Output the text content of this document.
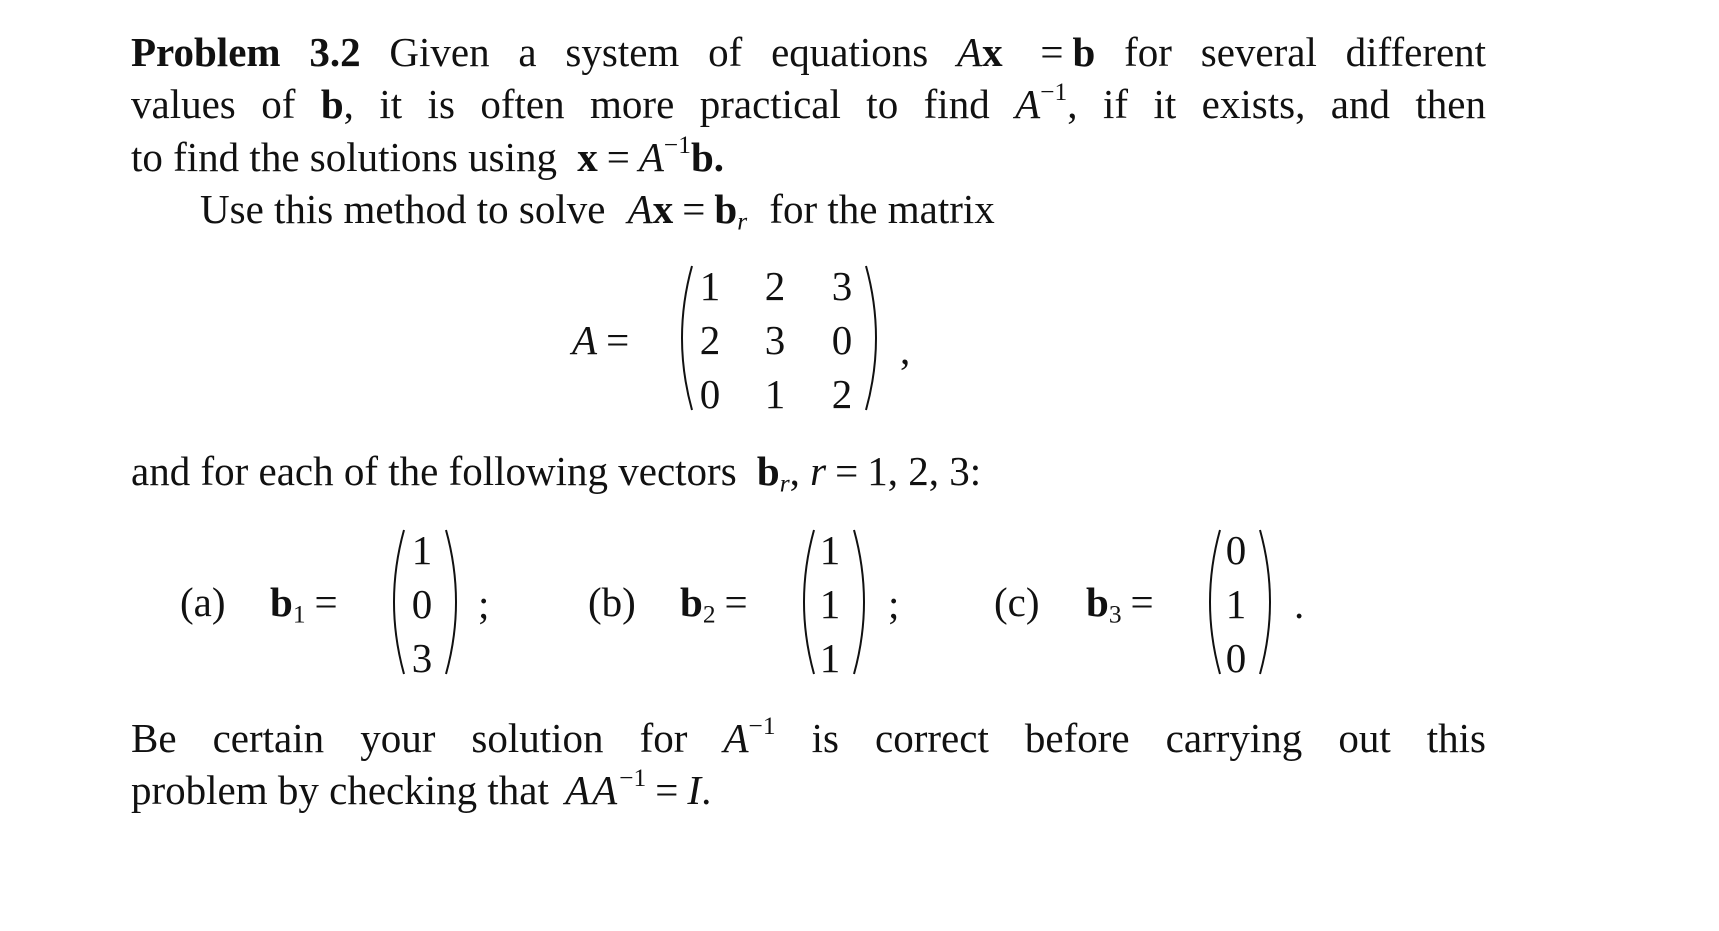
Problem 3.2 Given a system of equations Ax = b for several different
values of b, it is often more practical to find $A^{-1}$, if it exists, and then
to find the solutions using $x = A^{-1}b$.
Use this method to solve $Ax = b_r$ for the matrix
A =
1 2 3
2 3 0
0 1 2
,
and for each of the following vectors $b_r$, r = 1, 2, 3:
(a) $b_1$ =
1
0
3
; (b) $b_2$ =
1
1
1
; (c) $b_3$ =
0
1
0
.
Be certain your solution for $A^{-1}$ is correct before carrying out this
problem by checking that $AA^{-1} = I$.
